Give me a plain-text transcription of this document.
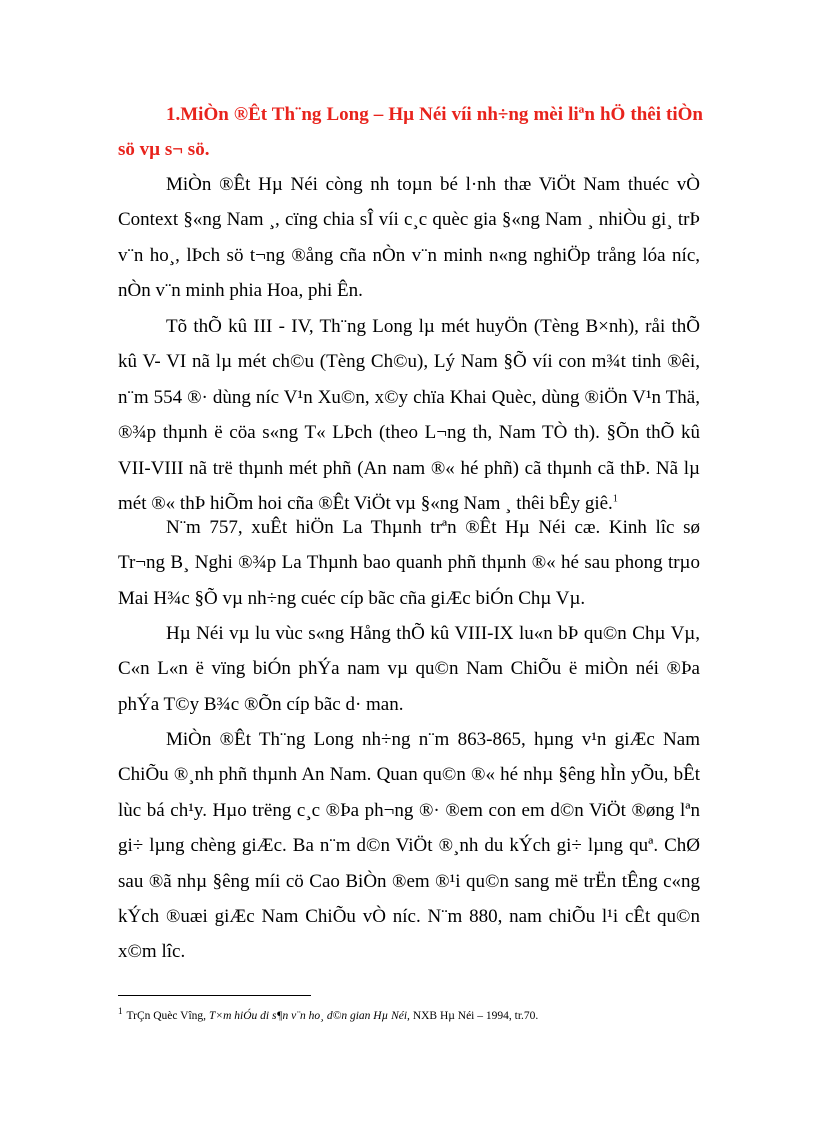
1.MiÒn ®Êt Th¨ng Long – Hµ Néi víi nh÷ng mèi liªn hÖ thêi tiÒn sö vµ s¬ sö.

MiÒn ®Êt Hµ Néi còng nh toµn bé l·nh thæ ViÖt Nam thuéc vÒ Context §«ng Nam ¸, cïng chia sÎ víi c¸c quèc gia §«ng Nam ¸ nhiÒu gi¸ trÞ v¨n ho¸, lÞch sö t¬ng ®ång cña nÒn v¨n minh n«ng nghiÖp trång lóa níc, nÒn v¨n minh phia Hoa, phi Ên.

Tõ thÕ kû III - IV, Th¨ng Long lµ mét huyÖn (Tèng B×nh), råi thÕ kû V- VI nã lµ mét ch©u (Tèng Ch©u), Lý Nam §Õ víi con m¾t tinh ®êi, n¨m 554 ®· dùng níc V¹n Xu©n, x©y chïa Khai Quèc, dùng ®iÖn V¹n Thä, ®¾p thµnh ë cöa s«ng T« LÞch (theo L¬ng th, Nam TÒ th). §Õn thÕ kû VII-VIII nã trë thµnh mét phñ (An nam ®« hé phñ) cã thµnh cã thÞ. Nã lµ mét ®« thÞ hiÕm hoi cña ®Êt ViÖt vµ §«ng Nam ¸ thêi bÊy giê.$^1$

N¨m 757, xuÊt hiÖn La Thµnh trªn ®Êt Hµ Néi cæ. Kinh lîc sø Tr¬ng B¸ Nghi ®¾p La Thµnh bao quanh phñ thµnh ®« hé sau phong trµo Mai H¾c §Õ vµ nh÷ng cuéc cíp bãc cña giÆc biÓn Chµ Vµ.

Hµ Néi vµ lu vùc s«ng Hång thÕ kû VIII-IX lu«n bÞ qu©n Chµ Vµ, C«n L«n ë vïng biÓn phÝa nam vµ qu©n Nam ChiÕu ë miÒn néi ®Þa phÝa T©y B¾c ®Õn cíp bãc d· man.

MiÒn ®Êt Th¨ng Long nh÷ng n¨m 863-865, hµng v¹n giÆc Nam ChiÕu ®¸nh phñ thµnh An Nam. Quan qu©n ®« hé nhµ §êng hÌn yÕu, bÊt lùc bá ch¹y. Hµo trëng c¸c ®Þa ph¬ng ®· ®em con em d©n ViÖt ®øng lªn gi÷ lµng chèng giÆc. Ba n¨m d©n ViÖt ®¸nh du kÝch gi÷ lµng quª. ChØ sau ®ã nhµ §êng míi cö Cao BiÒn ®em ®¹i qu©n sang më trËn tÊng c«ng kÝch ®uæi giÆc Nam ChiÕu vÒ níc. N¨m 880, nam chiÕu l¹i cÊt qu©n x©m lîc.

$^1$ TrÇn Quèc Vîng, T×m hiÓu di s¶n v¨n ho¸ d©n gian Hµ Néi, NXB Hµ Néi – 1994, tr.70.
